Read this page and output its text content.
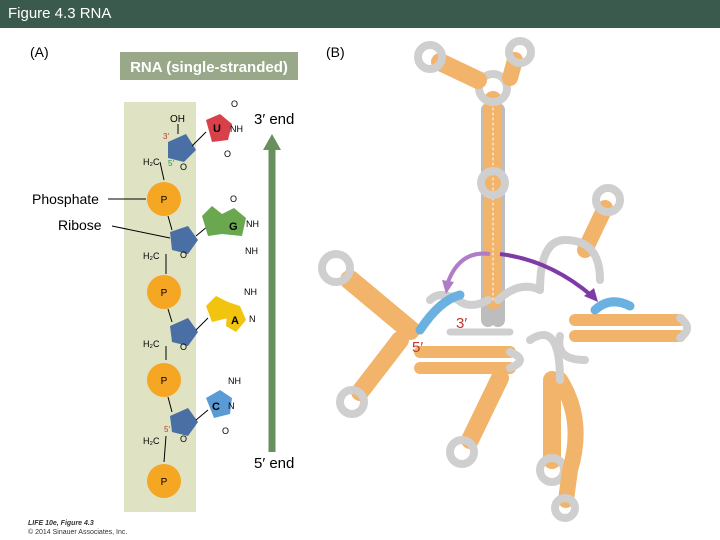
Figure 4.3 RNA
(A)
RNA (single-stranded)
3′ end
5′ end
Phosphate
Ribose
OH
3′
5′
H₂C O
U
O
NH
O
P
H₂C O
G
O
NH
NH
P
H₂C O
A
NH
N
P
5′
H₂C O
C
NH
N
O
P
(B)
3′
5′
LIFE 10e, Figure 4.3
© 2014 Sinauer Associates, Inc.
